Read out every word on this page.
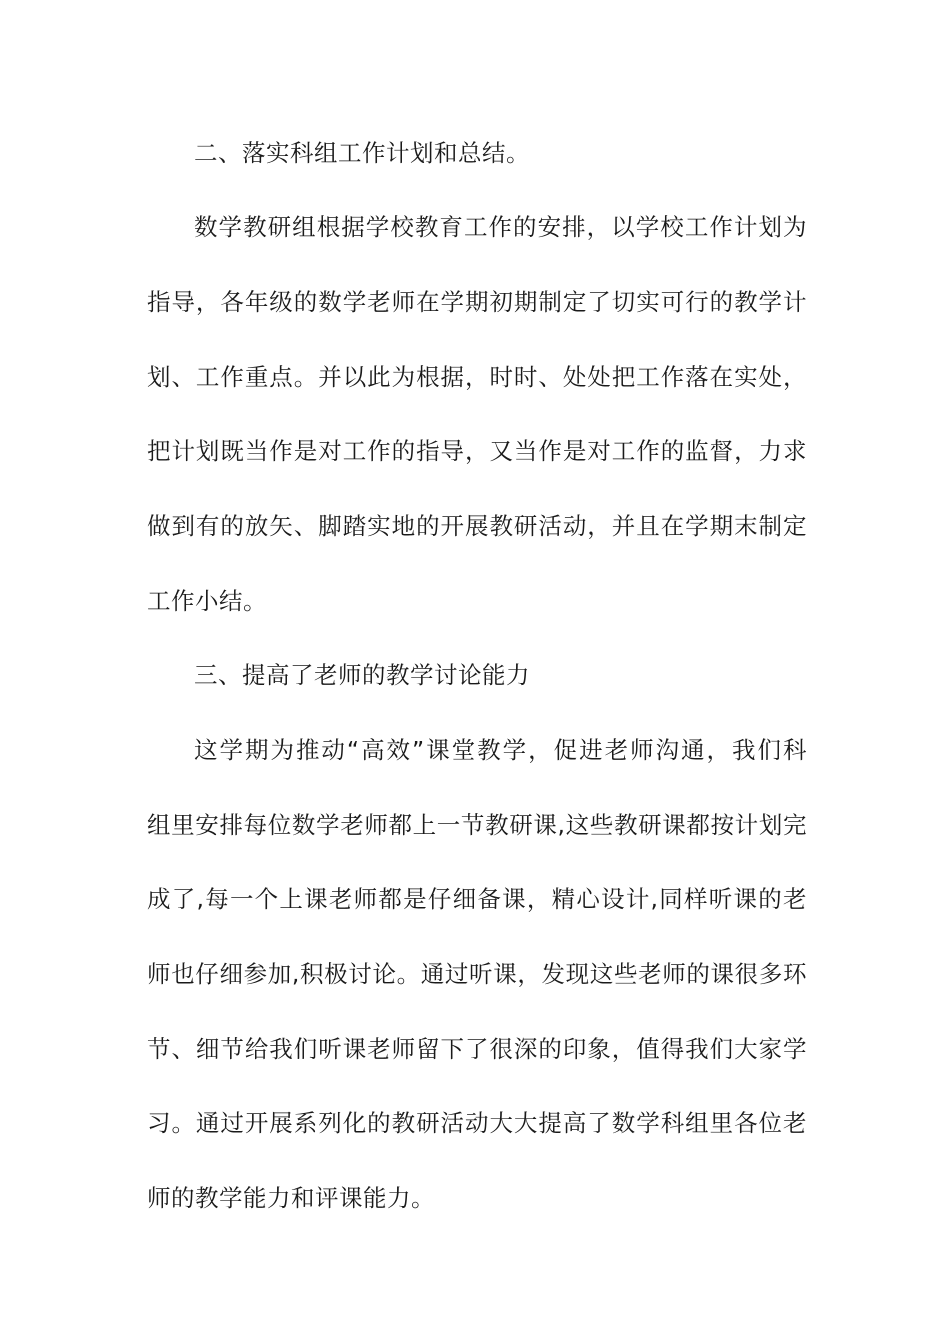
二、落实科组工作计划和总结。
数学教研组根据学校教育工作的安排，以学校工作计划为
指导，各年级的数学老师在学期初期制定了切实可行的教学计
划、工作重点。并以此为根据，时时、处处把工作落在实处，
把计划既当作是对工作的指导，又当作是对工作的监督，力求
做到有的放矢、脚踏实地的开展教研活动，并且在学期末制定
工作小结。
三、提高了老师的教学讨论能力
这学期为推动“高效”课堂教学，促进老师沟通，我们科
组里安排每位数学老师都上一节教研课,这些教研课都按计划完
成了,每一个上课老师都是仔细备课，精心设计,同样听课的老
师也仔细参加,积极讨论。通过听课，发现这些老师的课很多环
节、细节给我们听课老师留下了很深的印象，值得我们大家学
习。通过开展系列化的教研活动大大提高了数学科组里各位老
师的教学能力和评课能力。
